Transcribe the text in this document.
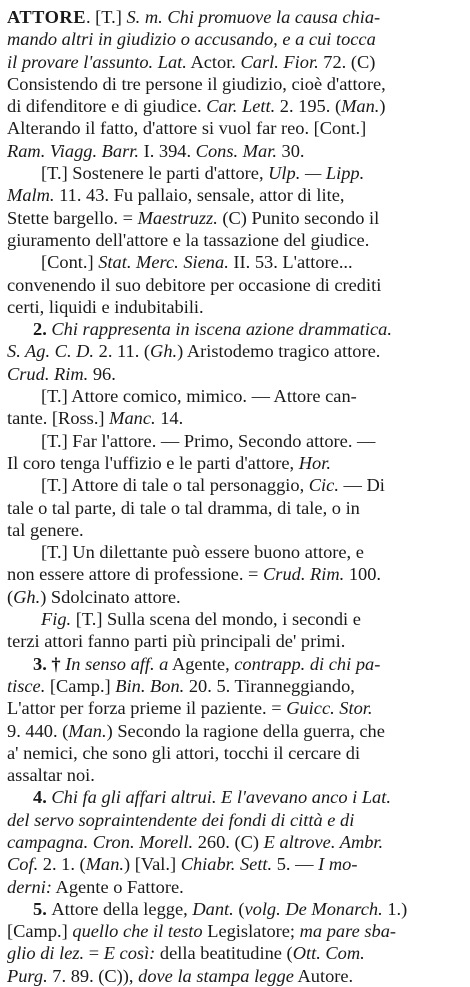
ATTORE. [T.] S. m. Chi promuove la causa chia-
mando altri in giudizio o accusando, e a cui tocca
il provare l'assunto. Lat. Actor. Carl. Fior. 72. (C)
Consistendo di tre persone il giudizio, cioè d'attore,
di difenditore e di giudice. Car. Lett. 2. 195. (Man.)
Alterando il fatto, d'attore si vuol far reo. [Cont.]
Ram. Viagg. Barr. I. 394. Cons. Mar. 30.
[T.] Sostenere le parti d'attore, Ulp. — Lipp.
Malm. 11. 43. Fu pallaio, sensale, attor di lite,
Stette bargello. = Maestruzz. (C) Punito secondo il
giuramento dell'attore e la tassazione del giudice.
[Cont.] Stat. Merc. Siena. II. 53. L'attore...
convenendo il suo debitore per occasione di crediti
certi, liquidi e indubitabili.
2. Chi rappresenta in iscena azione drammatica.
S. Ag. C. D. 2. 11. (Gh.) Aristodemo tragico attore.
Crud. Rim. 96.
[T.] Attore comico, mimico. — Attore can-
tante. [Ross.] Manc. 14.
[T.] Far l'attore. — Primo, Secondo attore. —
Il coro tenga l'uffizio e le parti d'attore, Hor.
[T.] Attore di tale o tal personaggio, Cic. — Di
tale o tal parte, di tale o tal dramma, di tale, o in
tal genere.
[T.] Un dilettante può essere buono attore, e
non essere attore di professione. = Crud. Rim. 100.
(Gh.) Sdolcinato attore.
Fig. [T.] Sulla scena del mondo, i secondi e
terzi attori fanno parti più principali de' primi.
3. † In senso aff. a Agente, contrapp. di chi pa-
tisce. [Camp.] Bin. Bon. 20. 5. Tiranneggiando,
L'attor per forza prieme il paziente. = Guicc. Stor.
9. 440. (Man.) Secondo la ragione della guerra, che
a' nemici, che sono gli attori, tocchi il cercare di
assaltar noi.
4. Chi fa gli affari altrui. E l'avevano anco i Lat.
del servo sopraintendente dei fondi di città e di
campagna. Cron. Morell. 260. (C) E altrove. Ambr.
Cof. 2. 1. (Man.) [Val.] Chiabr. Sett. 5. — I mo-
derni: Agente o Fattore.
5. Attore della legge, Dant. (volg. De Monarch. 1.)
[Camp.] quello che il testo Legislatore; ma pare sba-
glio di lez. = E così: della beatitudine (Ott. Com.
Purg. 7. 89. (C)), dove la stampa legge Autore.
